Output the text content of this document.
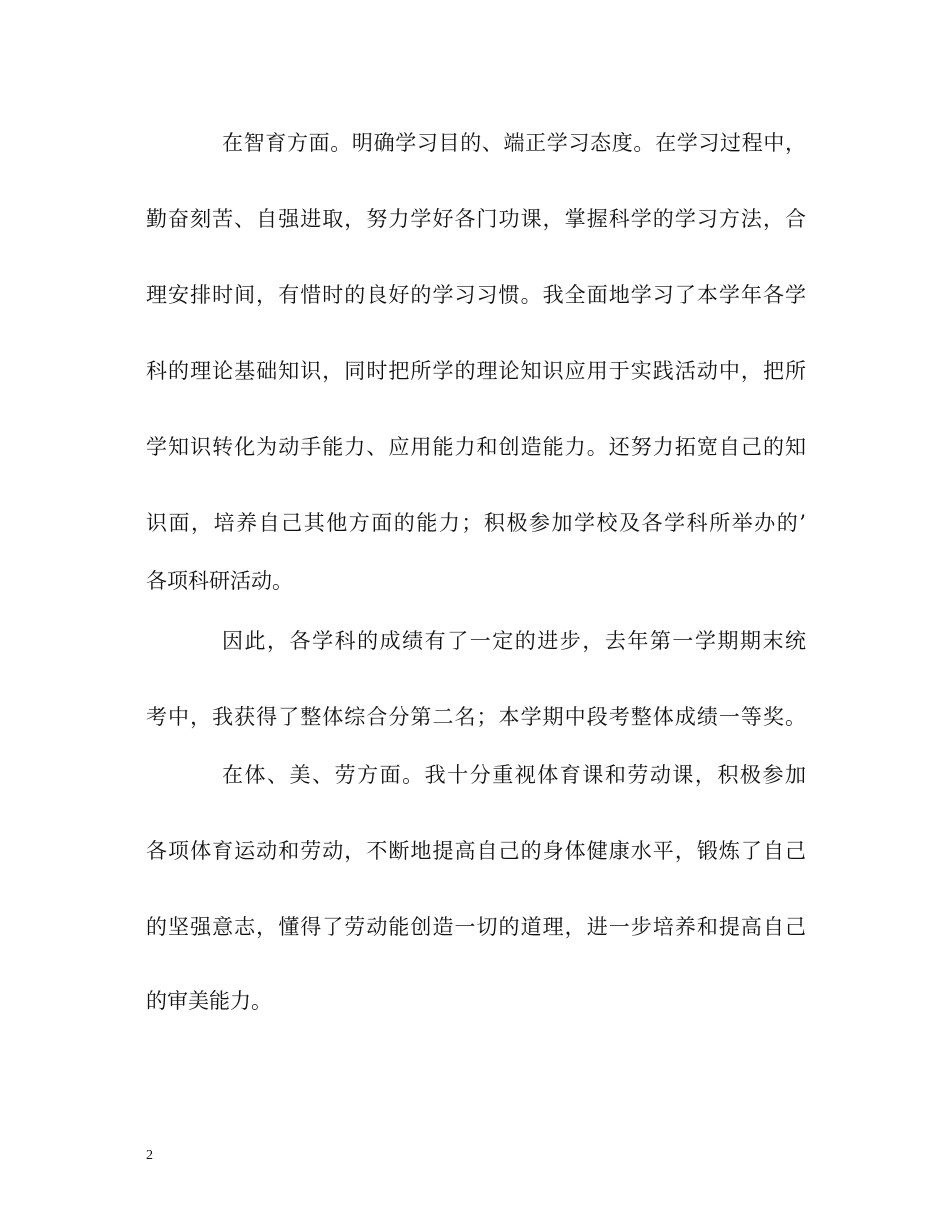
在智育方面。明确学习目的、端正学习态度。在学习过程中，

勤奋刻苦、自强进取，努力学好各门功课，掌握科学的学习方法，合

理安排时间，有惜时的良好的学习习惯。我全面地学习了本学年各学

科的理论基础知识，同时把所学的理论知识应用于实践活动中，把所

学知识转化为动手能力、应用能力和创造能力。还努力拓宽自己的知

识面，培养自己其他方面的能力；积极参加学校及各学科所举办的’

各项科研活动。

因此，各学科的成绩有了一定的进步，去年第一学期期末统

考中，我获得了整体综合分第二名；本学期中段考整体成绩一等奖。

在体、美、劳方面。我十分重视体育课和劳动课，积极参加

各项体育运动和劳动，不断地提高自己的身体健康水平，锻炼了自己

的坚强意志，懂得了劳动能创造一切的道理，进一步培养和提高自己

的审美能力。

2
